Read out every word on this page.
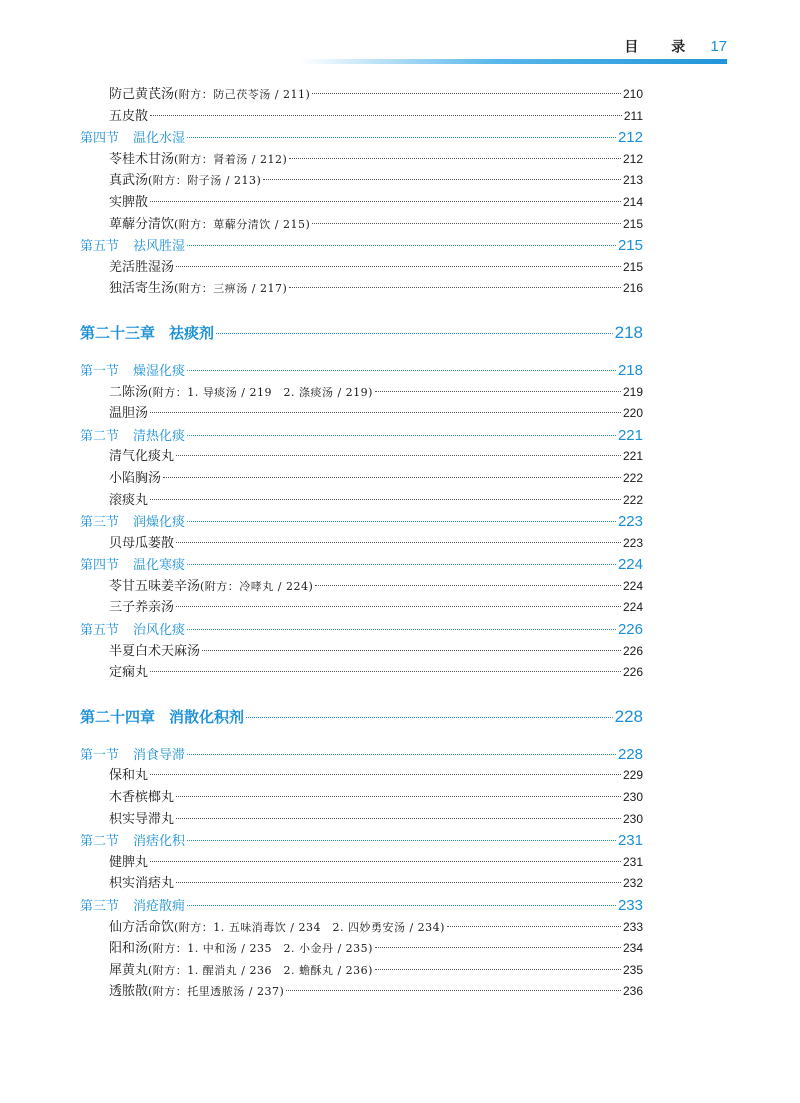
目 录 17
防己黄芪汤(附方：防己茯苓汤 / 211)	210
五皮散	211
第四节 温化水湿	212
苓桂术甘汤(附方：肾着汤 / 212)	212
真武汤(附方：附子汤 / 213)	213
实脾散	214
萆薢分清饮(附方：萆薢分清饮 / 215)	215
第五节 祛风胜湿	215
羌活胜湿汤	215
独活寄生汤(附方：三痹汤 / 217)	216
第二十三章 祛痰剂	218
第一节 燥湿化痰	218
二陈汤(附方：1. 导痰汤 / 219　2. 涤痰汤 / 219)	219
温胆汤	220
第二节 清热化痰	221
清气化痰丸	221
小陷胸汤	222
滚痰丸	222
第三节 润燥化痰	223
贝母瓜蒌散	223
第四节 温化寒痰	224
苓甘五味姜辛汤(附方：冷哮丸 / 224)	224
三子养亲汤	224
第五节 治风化痰	226
半夏白术天麻汤	226
定痫丸	226
第二十四章 消散化积剂	228
第一节 消食导滞	228
保和丸	229
木香槟榔丸	230
枳实导滞丸	230
第二节 消痞化积	231
健脾丸	231
枳实消痞丸	232
第三节 消疮散痈	233
仙方活命饮(附方：1. 五味消毒饮 / 234　2. 四妙勇安汤 / 234)	233
阳和汤(附方：1. 中和汤 / 235　2. 小金丹 / 235)	234
犀黄丸(附方：1. 醒消丸 / 236　2. 蟾酥丸 / 236)	235
透脓散(附方：托里透脓汤 / 237)	236
